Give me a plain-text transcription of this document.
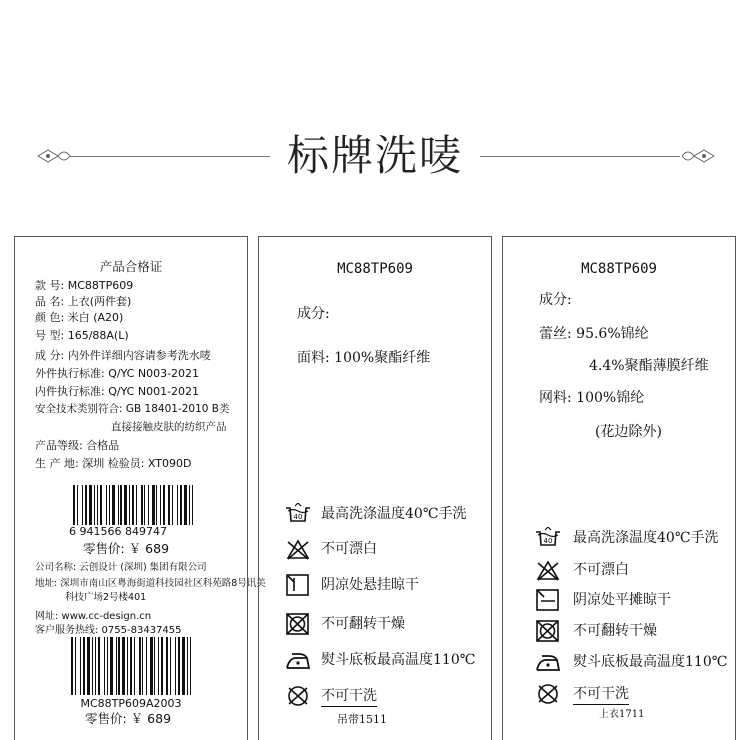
标牌洗唛
产品合格证
款 号: MC88TP609
品 名: 上衣(两件套)
颜 色: 米白 (A20)
号 型: 165/88A(L)
成 分: 内外件详细内容请参考洗水唛
外件执行标准: Q/YC N003-2021
内件执行标准: Q/YC N001-2021
安全技术类别符合: GB 18401-2010 B类
直接接触皮肤的纺织产品
产品等级: 合格品
生 产 地: 深圳 检验员: XT090D
6 941566 849747
零售价: ￥ 689
公司名称: 云创设计 (深圳) 集团有限公司
地址: 深圳市南山区粤海街道科技园社区科苑路8号讯美
科技广场2号楼401
网址: www.cc-design.cn
客户服务热线: 0755-83437455
MC88TP609A2003
零售价: ￥ 689
MC88TP609
成分:
面料: 100%聚酯纤维
40 最高洗涤温度40℃手洗
不可漂白
阴凉处悬挂晾干
不可翻转干燥
熨斗底板最高温度110℃
不可干洗
吊带1511
MC88TP609
成分:
蕾丝: 95.6%锦纶
4.4%聚酯薄膜纤维
网料: 100%锦纶
(花边除外)
40 最高洗涤温度40℃手洗
不可漂白
阴凉处平摊晾干
不可翻转干燥
熨斗底板最高温度110℃
不可干洗
上衣1711
